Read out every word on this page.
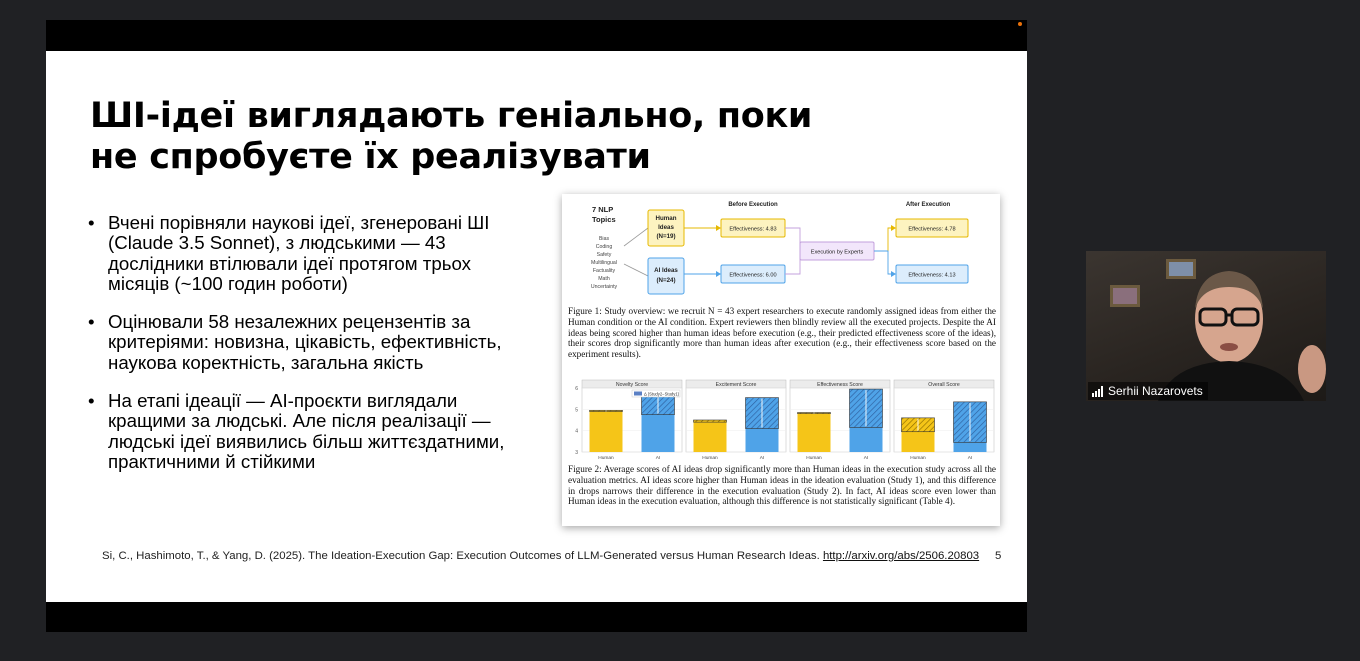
ШІ-ідеї виглядають геніально, поки
не спробуєте їх реалізувати
• Вчені порівняли наукові ідеї, згенеровані ШІ (Claude 3.5 Sonnet), з людськими — 43 дослідники втілювали ідеї протягом трьох місяців (~100 годин роботи)
• Оцінювали 58 незалежних рецензентів за критеріями: новизна, цікавість, ефективність, наукова коректність, загальна якість
• На етапі ідеації — AI-проєкти виглядали кращими за людські. Але після реалізації —людські ідеї виявились більш життєздатними, практичними й стійкими
7 NLP
Topics
Bias
Coding
Safety
Multilingual
Factuality
Math
Uncertainty
Human
Ideas
(N=19)
AI Ideas
(N=24)
Before Execution	After Execution
Effectiveness: 4.83
Effectiveness: 6.00
Execution by Experts
Effectiveness: 4.78
Effectiveness: 4.13

Figure 1: Study overview: we recruit N = 43 expert researchers to execute randomly assigned ideas from either the Human condition or the AI condition. Expert reviewers then blindly review all the executed projects. Despite the AI ideas being scored higher than human ideas before execution (e.g., their predicted effectiveness score of the ideas), their scores drop significantly more than human ideas after execution (e.g., their effectiveness score based on the experiment results).

6
5
4
3
Novelty Score
Human	AI
Δ (Study2−Study1)
Excitement Score
Human	AI
Effectiveness Score
Human	AI
Overall Score
Human	AI

Figure 2: Average scores of AI ideas drop significantly more than Human ideas in the execution study across all the evaluation metrics. AI ideas score higher than Human ideas in the ideation evaluation (Study 1), and this difference in drops narrows their difference in the execution evaluation (Study 2). In fact, AI ideas score even lower than Human ideas in the execution evaluation, although this difference is not statistically significant (Table 4).

Si, C., Hashimoto, T., & Yang, D. (2025). The Ideation-Execution Gap: Execution Outcomes of LLM-Generated versus Human Research Ideas. http://arxiv.org/abs/2506.20803 5
Serhii Nazarovets
